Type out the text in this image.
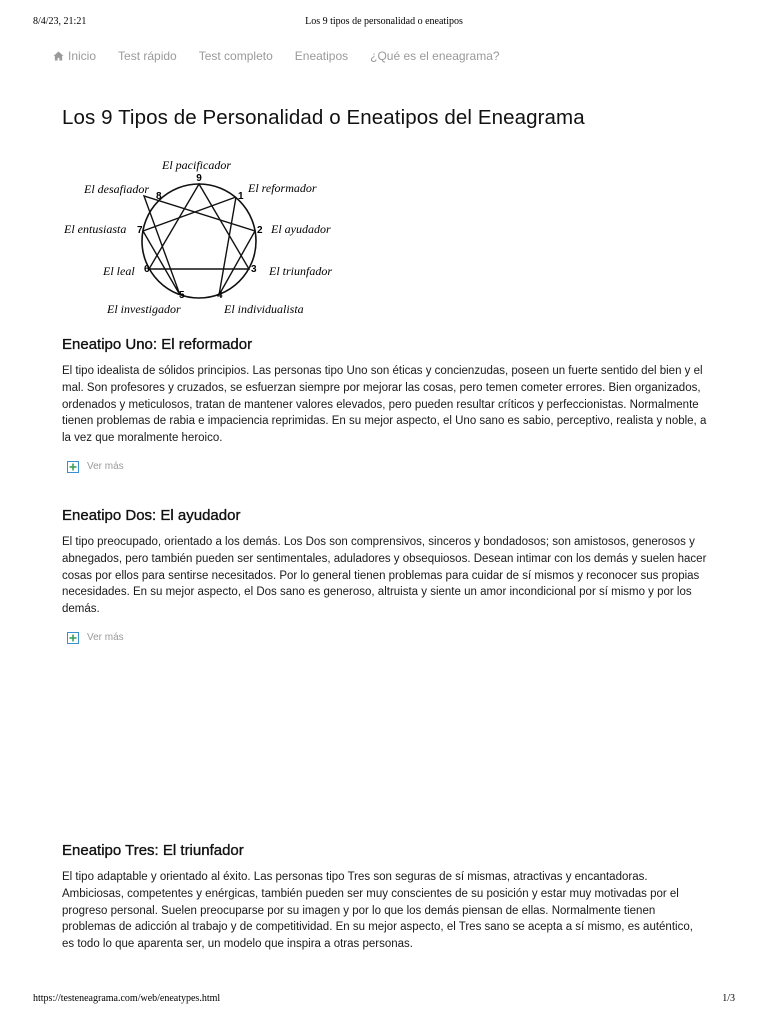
8/4/23, 21:21	Los 9 tipos de personalidad o eneatipos
Inicio Test rápido Test completo Eneatipos ¿Qué es el eneagrama?
Los 9 Tipos de Personalidad o Eneatipos del Eneagrama
9
1
2
3
4
5
6
7
8
El pacificador
El reformador
El ayudador
El triunfador
El individualista
El investigador
El leal
El entusiasta
El desafiador
Eneatipo Uno: El reformador

El tipo idealista de sólidos principios. Las personas tipo Uno son éticas y concienzudas, poseen un fuerte sentido del bien y el mal. Son profesores y cruzados, se esfuerzan siempre por mejorar las cosas, pero temen cometer errores. Bien organizados, ordenados y meticulosos, tratan de mantener valores elevados, pero pueden resultar críticos y perfeccionistas. Normalmente tienen problemas de rabia e impaciencia reprimidas. En su mejor aspecto, el Uno sano es sabio, perceptivo, realista y noble, a la vez que moralmente heroico.

Ver más
Eneatipo Dos: El ayudador

El tipo preocupado, orientado a los demás. Los Dos son comprensivos, sinceros y bondadosos; son amistosos, generosos y abnegados, pero también pueden ser sentimentales, aduladores y obsequiosos. Desean intimar con los demás y suelen hacer cosas por ellos para sentirse necesitados. Por lo general tienen problemas para cuidar de sí mismos y reconocer sus propias necesidades. En su mejor aspecto, el Dos sano es generoso, altruista y siente un amor incondicional por sí mismo y por los demás.

Ver más
Eneatipo Tres: El triunfador

El tipo adaptable y orientado al éxito. Las personas tipo Tres son seguras de sí mismas, atractivas y encantadoras. Ambiciosas, competentes y enérgicas, también pueden ser muy conscientes de su posición y estar muy motivadas por el progreso personal. Suelen preocuparse por su imagen y por lo que los demás piensan de ellas. Normalmente tienen problemas de adicción al trabajo y de competitividad. En su mejor aspecto, el Tres sano se acepta a sí mismo, es auténtico, es todo lo que aparenta ser, un modelo que inspira a otras personas.

https://testeneagrama.com/web/eneatypes.html	1/3
